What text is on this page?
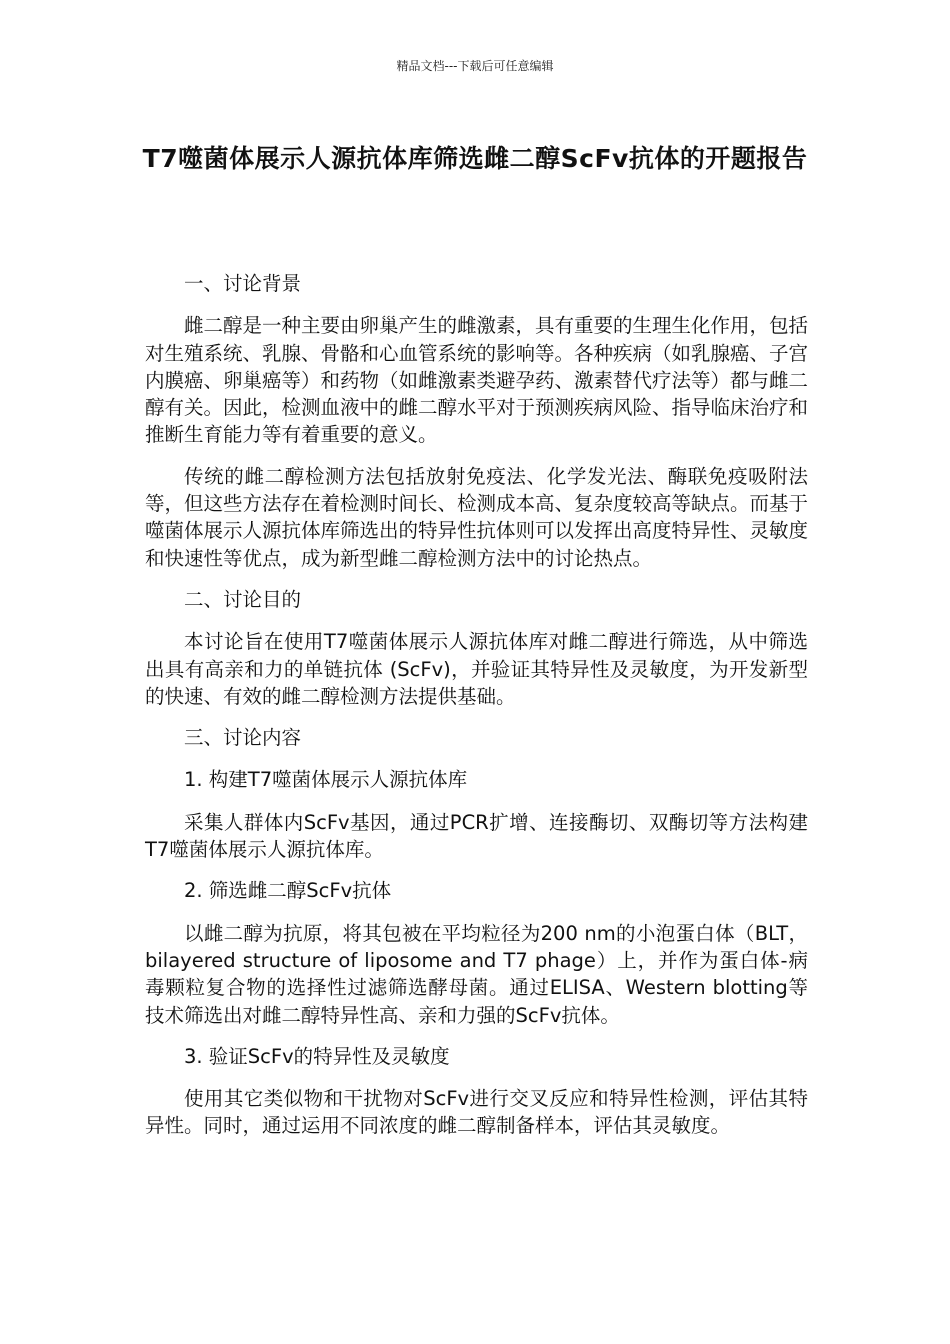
精品文档---下载后可任意编辑
T7噬菌体展示人源抗体库筛选雌二醇ScFv抗体的开题报告

一、讨论背景

雌二醇是一种主要由卵巢产生的雌激素，具有重要的生理生化作用，包括对生殖系统、乳腺、骨骼和心血管系统的影响等。各种疾病（如乳腺癌、子宫内膜癌、卵巢癌等）和药物（如雌激素类避孕药、激素替代疗法等）都与雌二醇有关。因此，检测血液中的雌二醇水平对于预测疾病风险、指导临床治疗和推断生育能力等有着重要的意义。

传统的雌二醇检测方法包括放射免疫法、化学发光法、酶联免疫吸附法等，但这些方法存在着检测时间长、检测成本高、复杂度较高等缺点。而基于噬菌体展示人源抗体库筛选出的特异性抗体则可以发挥出高度特异性、灵敏度和快速性等优点，成为新型雌二醇检测方法中的讨论热点。

二、讨论目的

本讨论旨在使用T7噬菌体展示人源抗体库对雌二醇进行筛选，从中筛选出具有高亲和力的单链抗体 (ScFv)，并验证其特异性及灵敏度，为开发新型的快速、有效的雌二醇检测方法提供基础。

三、讨论内容

1. 构建T7噬菌体展示人源抗体库

采集人群体内ScFv基因，通过PCR扩增、连接酶切、双酶切等方法构建T7噬菌体展示人源抗体库。

2. 筛选雌二醇ScFv抗体

以雌二醇为抗原，将其包被在平均粒径为200 nm的小泡蛋白体（BLT，bilayered structure of liposome and T7 phage）上，并作为蛋白体-病毒颗粒复合物的选择性过滤筛选酵母菌。通过ELISA、Western blotting等技术筛选出对雌二醇特异性高、亲和力强的ScFv抗体。

3. 验证ScFv的特异性及灵敏度

使用其它类似物和干扰物对ScFv进行交叉反应和特异性检测，评估其特异性。同时，通过运用不同浓度的雌二醇制备样本，评估其灵敏度。
